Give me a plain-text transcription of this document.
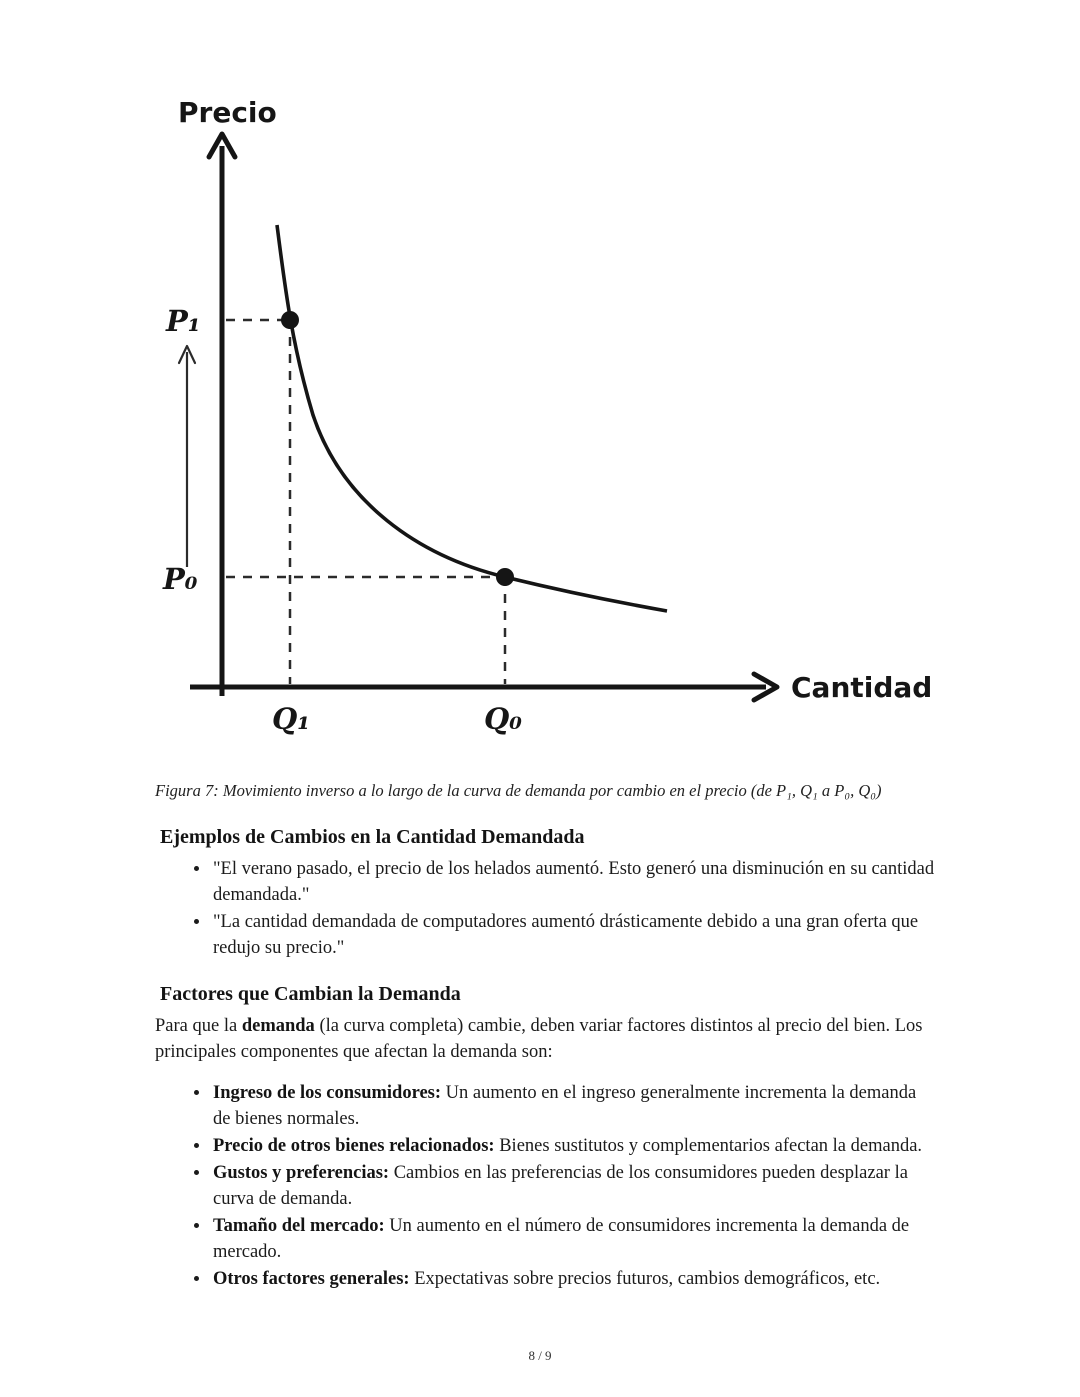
Precio
Cantidad
P₁
P₀
Q₁	Q₀

Figura 7: Movimiento inverso a lo largo de la curva de demanda por cambio en el precio (de P₁, Q₁ a P₀, Q₀)

Ejemplos de Cambios en la Cantidad Demandada
• "El verano pasado, el precio de los helados aumentó. Esto generó una disminución en su cantidad demandada."
• "La cantidad demandada de computadores aumentó drásticamente debido a una gran oferta que redujo su precio."
Factores que Cambian la Demanda

Para que la demanda (la curva completa) cambie, deben variar factores distintos al precio del bien. Los principales componentes que afectan la demanda son:

• Ingreso de los consumidores: Un aumento en el ingreso generalmente incrementa la demanda de bienes normales.
• Precio de otros bienes relacionados: Bienes sustitutos y complementarios afectan la demanda.
• Gustos y preferencias: Cambios en las preferencias de los consumidores pueden desplazar la curva de demanda.
• Tamaño del mercado: Un aumento en el número de consumidores incrementa la demanda de mercado.
• Otros factores generales: Expectativas sobre precios futuros, cambios demográficos, etc.
8 / 9
